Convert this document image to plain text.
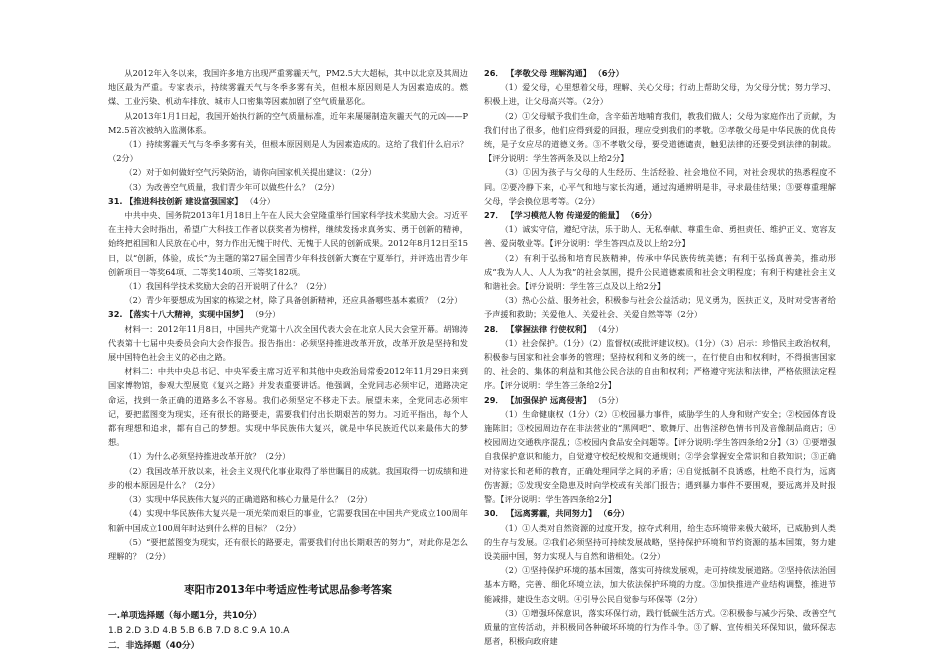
从2012年入冬以来，我国许多地方出现严重雾霾天气，PM2.5大大超标，其中以北京及其周边地区最为严重。专家表示，持续雾霾天气与冬季多雾有关，但根本原因则是人为因素造成的。燃煤、工业污染、机动车排放、城市人口密集等因素加剧了空气质量恶化。

从2013年1月1日起，我国开始执行新的空气质量标准，近年来屡屡制造灰霾天气的元凶——PM2.5首次被纳入监测体系。

（1）持续雾霾天气与冬季多雾有关，但根本原因则是人为因素造成的。这给了我们什么启示？（2分）

（2）对于如何做好空气污染防治，请你向国家机关提出建议：（2分）

（3）为改善空气质量，我们青少年可以做些什么？（2分）

31. 【推进科技创新 建设富强国家】 （4分）

中共中央、国务院2013年1月18日上午在人民大会堂隆重举行国家科学技术奖励大会。习近平在主持大会时指出，希望广大科技工作者以获奖者为榜样，继续发扬求真务实、勇于创新的精神，始终把祖国和人民放在心中，努力作出无愧于时代、无愧于人民的创新成果。2012年8月12日至15日，以“创新，体验，成长”为主题的第27届全国青少年科技创新大赛在宁夏举行，并评选出青少年创新项目一等奖64项、二等奖140项、三等奖182项。

（1）我国科学技术奖励大会的召开说明了什么？（2分）

（2）青少年要想成为国家的栋梁之材，除了具备创新精神，还应具备哪些基本素质？（2分）

32. 【落实十八大精神，实现中国梦】 （9分）

材料一：2012年11月8日，中国共产党第十八次全国代表大会在北京人民大会堂开幕。胡锦涛代表第十七届中央委员会向大会作报告。报告指出：必须坚持推进改革开放，改革开放是坚持和发展中国特色社会主义的必由之路。

材料二：中共中央总书记、中央军委主席习近平和其他中央政治局常委2012年11月29日来到国家博物馆，参观大型展览《复兴之路》并发表重要讲话。他强调，全党同志必须牢记，道路决定命运，找到一条正确的道路多么不容易。我们必须坚定不移走下去。展望未来，全党同志必须牢记，要把蓝图变为现实，还有很长的路要走，需要我们付出长期艰苦的努力。习近平指出，每个人都有理想和追求，都有自己的梦想。实现中华民族伟大复兴，就是中华民族近代以来最伟大的梦想。

（1）为什么必须坚持推进改革开放？（2分）

（2）我国改革开放以来，社会主义现代化事业取得了举世瞩目的成就。我国取得一切成绩和进步的根本原因是什么？（2分）

（3）实现中华民族伟大复兴的正确道路和核心力量是什么？（2分）

（4）实现中华民族伟大复兴是一项光荣而艰巨的事业，它需要我国在中国共产党成立100周年和新中国成立100周年时达到什么样的目标？（2分）

（5）“要把蓝图变为现实，还有很长的路要走，需要我们付出长期艰苦的努力”，对此你是怎么理解的？（2分）

枣阳市2013年中考适应性考试思品参考答案

一.单项选择题（每小题1分，共10分）

1.B 2.D 3.D 4.B 5.B 6.B 7.D 8.C 9.A 10.A

二．非选择题（40分）

26． 【孝敬父母 理解沟通】 （6分）

（1）爱父母，心里想着父母，理解、关心父母；行动上帮助父母，为父母分忧；努力学习、积极上进，让父母高兴等。（2分）

（2）①父母赋予我们生命，含辛茹苦地哺育我们，教我们做人；父母为家庭作出了贡献，为我们付出了很多，他们应得到爱的回报，理应受到我们的孝敬。②孝敬父母是中华民族的优良传统，是子女应尽的道德义务。③不孝敬父母，要受道德谴责，触犯法律的还要受到法律的制裁。【评分说明：学生答两条及以上给2分】

（3）①因为孩子与父母的人生经历、生活经验、社会地位不同，对社会现状的热悉程度不同。②要冷静下来，心平气和地与家长沟通，通过沟通辨明是非，寻求最佳结果；③要尊重理解父母，学会换位思考等。（2分）

27． 【学习模范人物 传递爱的能量】 （6分）

（1）诚实守信，遵纪守法，乐于助人、无私奉献、尊重生命、勇担责任、维护正义、宽容友善、爱岗敬业等。【评分说明：学生答四点及以上给2分】

（2）有利于弘扬和培育民族精神，传承中华民族传统美德；有利于弘扬真善美，推动形成“我为人人、人人为我”的社会氛围，提升公民道德素质和社会文明程度；有利于构建社会主义和谐社会。【评分说明：学生答三点及以上给2分】

（3）热心公益、服务社会，积极参与社会公益活动；见义勇为，医扶正义，及时对受害者给予声援和救助；关爱他人、关爱社会、关爱自然等等（2分）

28． 【掌握法律 行使权利】 （4分）

（1）社会保护。（1分）（2）监督权(或批评建议权)。（1分）（3）启示：珍惜民主政治权利，积极参与国家和社会事务的管理；坚持权利和义务的统一，在行使自由和权利时，不得损害国家的、社会的、集体的利益和其他公民合法的自由和权利；严格遵守宪法和法律，严格依照法定程序。【评分说明：学生答三条给2分】

29． 【加强保护 远离侵害】 （5分）

（1）生命健康权（1分）（2）①校园暴力事件，威胁学生的人身和财产安全；②校园体育设施陈旧；③校园周边存在非法营业的“黑网吧”、歌舞厅、出售淫秽色情书刊及音像制品商店；④校园周边交通秩序混乱；⑤校园内食品安全问题等。【评分说明:学生答四条给2分】（3）①要增强自我保护意识和能力，自觉遵守校纪校规和交通规则；②学会掌握安全常识和自救知识；③正确对待家长和老师的教育，正确处理同学之间的矛盾；④自觉抵制不良诱惑，杜绝不良行为，远离伤害源；⑤发现安全隐患及时向学校或有关部门报告；遇到暴力事件不要围观，要远离并及时报警。【评分说明：学生答四条给2分】

30． 【远离雾霾，共同努力】 （6分）

（1）①人类对自然资源的过度开发，掠夺式利用，给生态环境带来极大破坏，已威胁到人类的生存与发展。②我们必须坚持可持续发展战略，坚持保护环境和节约资源的基本国策，努力建设美丽中国，努力实现人与自然和谐相处。（2分）

（2）①坚持保护环境的基本国策，落实可持续发展观，走可持续发展道路。②坚持依法治国基本方略，完善、细化环境立法，加大依法保护环境的力度。③加快推进产业结构调整，推进节能减排，建设生态文明。④引导公民自觉参与环保等（2分）

（3）①增强环保意识，落实环保行动，践行低碳生活方式。②积极参与减少污染、改善空气质量的宣传活动，并积极同各种破坏环境的行为作斗争。③了解、宣传相关环保知识，做环保志愿者，积极向政府建
